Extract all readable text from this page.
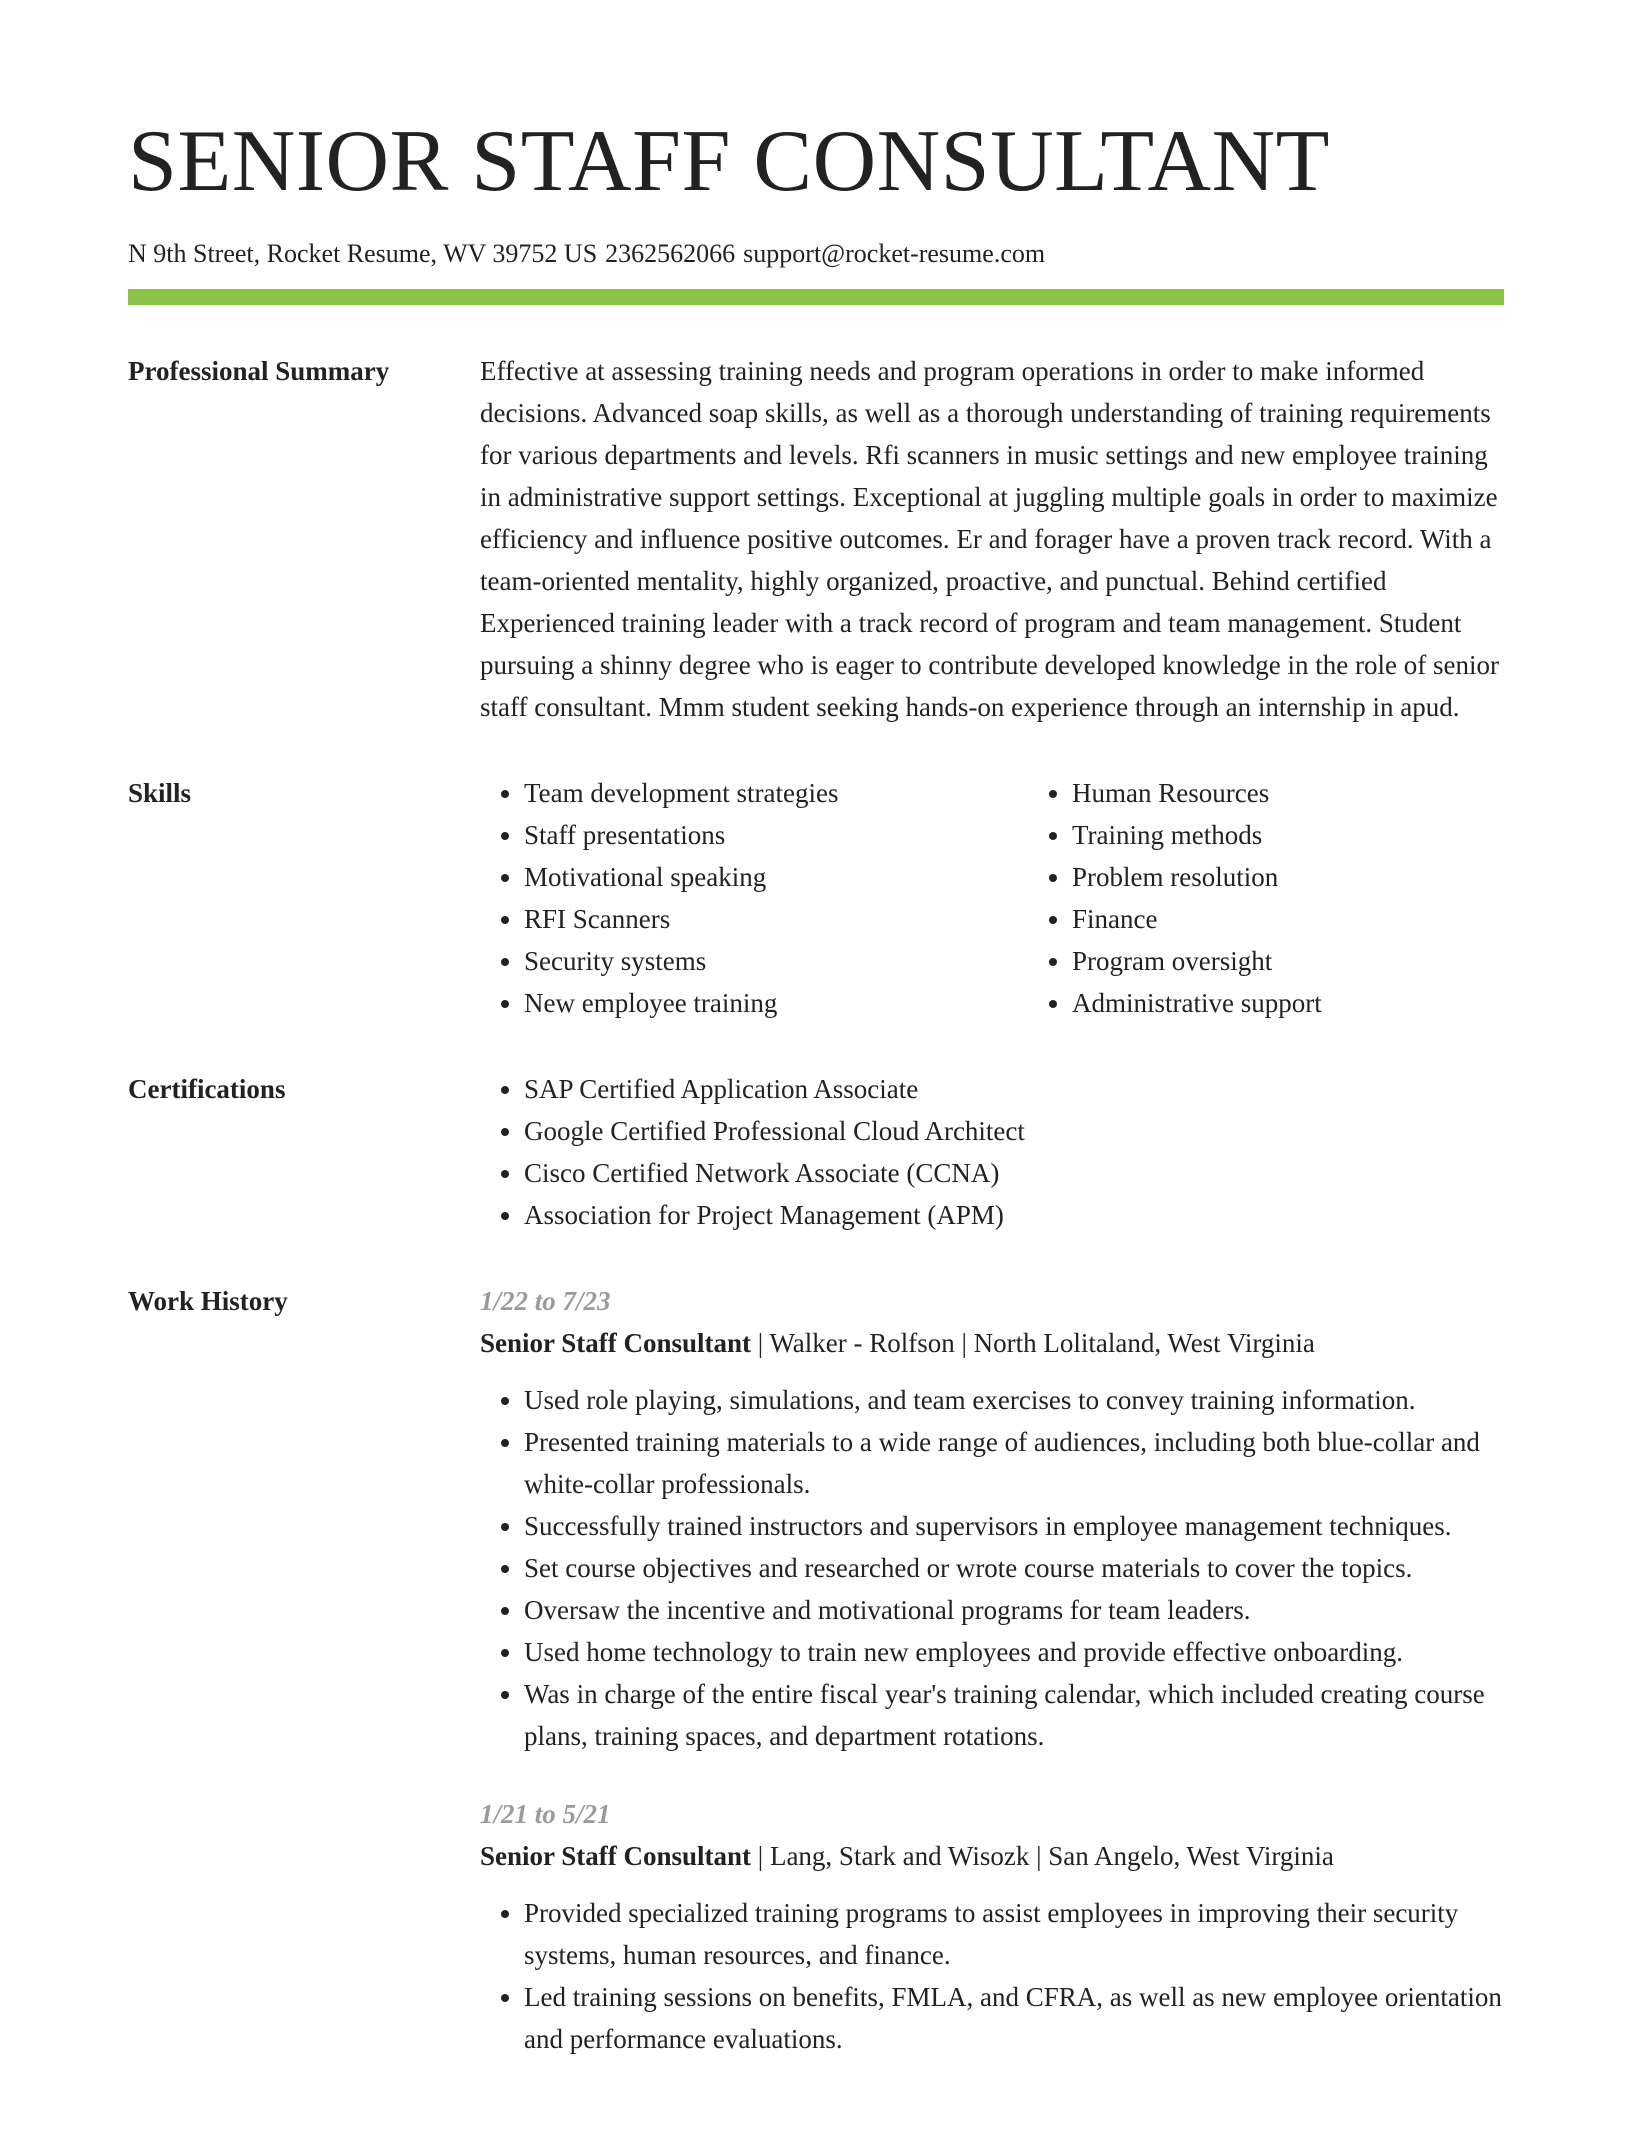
SENIOR STAFF CONSULTANT
N 9th Street, Rocket Resume, WV 39752 US 2362562066 support@rocket-resume.com
Professional Summary	Effective at assessing training needs and program operations in order to make informed decisions. Advanced soap skills, as well as a thorough understanding of training requirements for various departments and levels. Rfi scanners in music settings and new employee training in administrative support settings. Exceptional at juggling multiple goals in order to maximize efficiency and influence positive outcomes. Er and forager have a proven track record. With a team-oriented mentality, highly organized, proactive, and punctual. Behind certified Experienced training leader with a track record of program and team management. Student pursuing a shinny degree who is eager to contribute developed knowledge in the role of senior staff consultant. Mmm student seeking hands-on experience through an internship in apud.

Skills	• Team development strategies
• Staff presentations
• Motivational speaking
• RFI Scanners
• Security systems
• New employee training
• Human Resources
• Training methods
• Problem resolution
• Finance
• Program oversight
• Administrative support
Certifications	• SAP Certified Application Associate
• Google Certified Professional Cloud Architect
• Cisco Certified Network Associate (CCNA)
• Association for Project Management (APM)
Work History	1/22 to 7/23
Senior Staff Consultant | Walker - Rolfson | North Lolitaland, West Virginia
• Used role playing, simulations, and team exercises to convey training information.
• Presented training materials to a wide range of audiences, including both blue-collar and white-collar professionals.
• Successfully trained instructors and supervisors in employee management techniques.
• Set course objectives and researched or wrote course materials to cover the topics.
• Oversaw the incentive and motivational programs for team leaders.
• Used home technology to train new employees and provide effective onboarding.
• Was in charge of the entire fiscal year's training calendar, which included creating course plans, training spaces, and department rotations.
1/21 to 5/21
Senior Staff Consultant | Lang, Stark and Wisozk | San Angelo, West Virginia
• Provided specialized training programs to assist employees in improving their security systems, human resources, and finance.
• Led training sessions on benefits, FMLA, and CFRA, as well as new employee orientation and performance evaluations.
